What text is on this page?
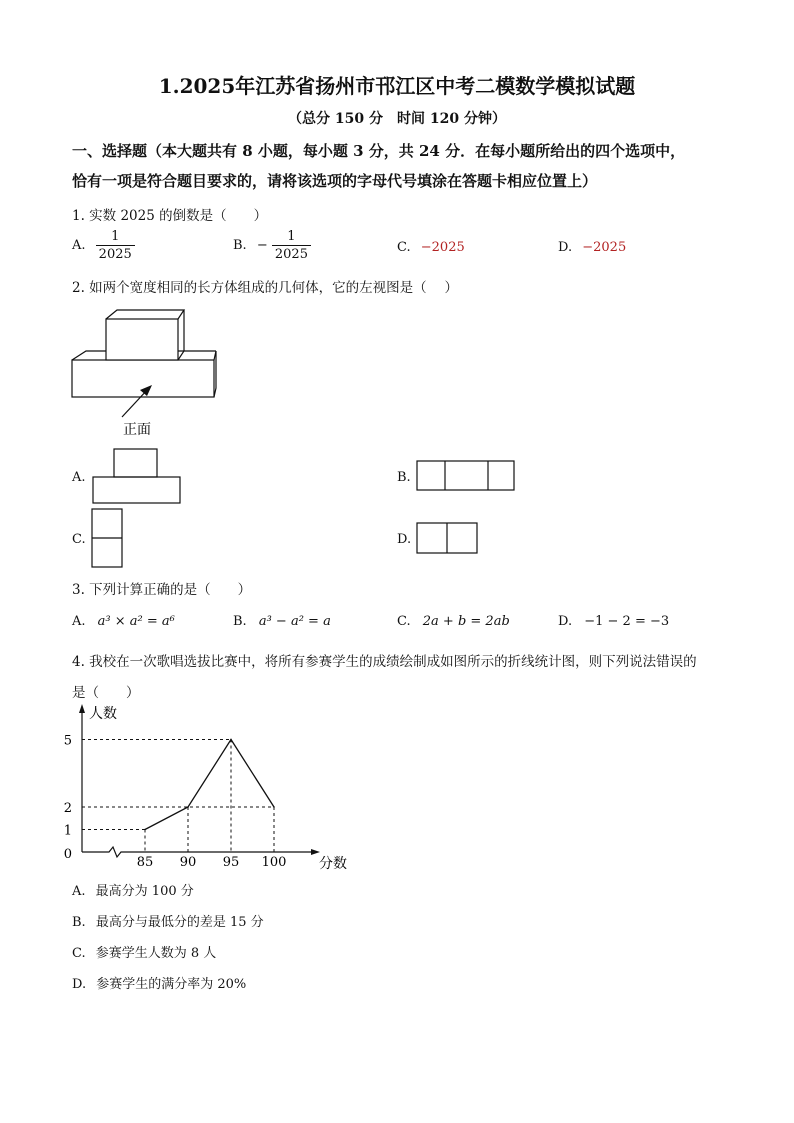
1.2025年江苏省扬州市邗江区中考二模数学模拟试题
（总分 150 分　时间 120 分钟）
一、选择题（本大题共有 8 小题，每小题 3 分，共 24 分．在每小题所给出的四个选项中，
恰有一项是符合题目要求的，请将该选项的字母代号填涂在答题卡相应位置上）
1. 实数 2025 的倒数是（　　）
A. $\frac{1}{2025}$	B. − $\frac{1}{2025}$	C. −2025	D. −2025
2. 如两个宽度相同的长方体组成的几何体，它的左视图是（　 ）
正面
A.	B.
C.	D.
3. 下列计算正确的是（　　）
A. a³ × a² = a⁶	B. a³ − a² = a	C. 2a + b = 2ab	D. −1 − 2 = −3
4. 我校在一次歌唱选拔比赛中，将所有参赛学生的成绩绘制成如图所示的折线统计图，则下列说法错误的
是（　　）
85 90 95 100
0
1
2
5
人数
分数
A. 最高分为 100 分
B. 最高分与最低分的差是 15 分
C. 参赛学生人数为 8 人
D. 参赛学生的满分率为 20%
